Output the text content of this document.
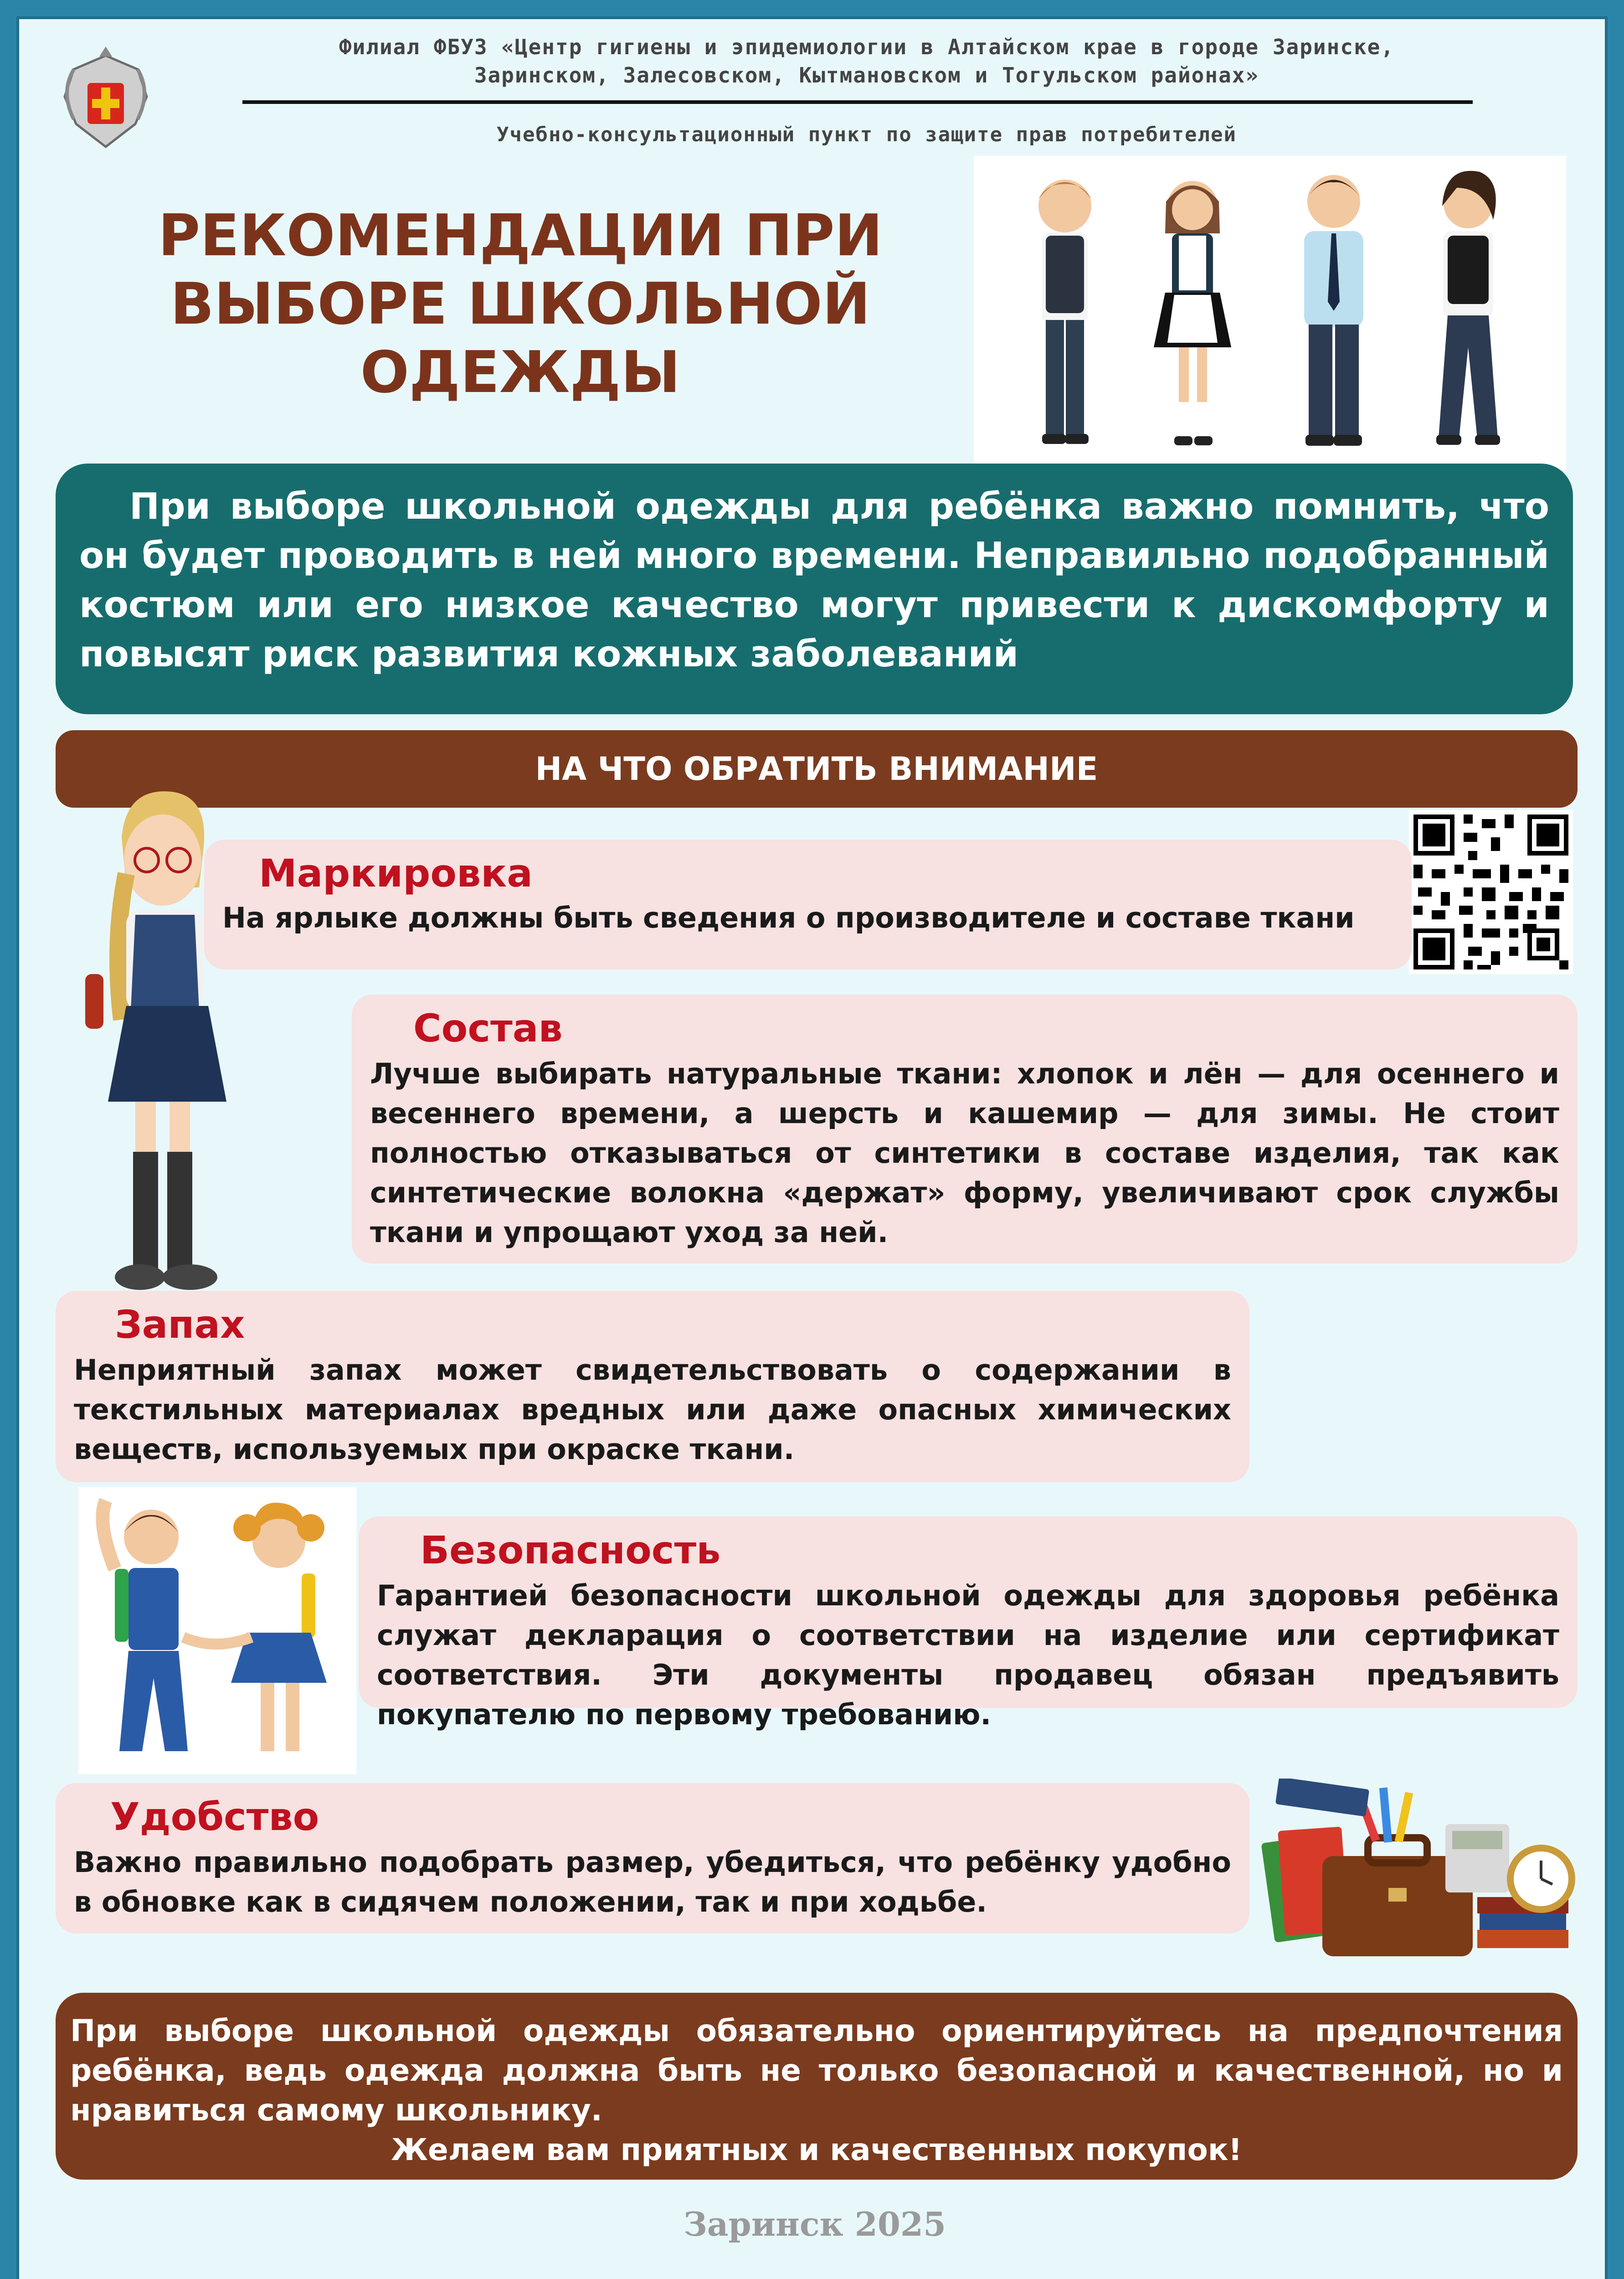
Филиал ФБУЗ «Центр гигиены и эпидемиологии в Алтайском крае в городе Заринске,
Заринском, Залесовском, Кытмановском и Тогульском районах»
Учебно-консультационный пункт по защите прав потребителей
РЕКОМЕНДАЦИИ ПРИ
ВЫБОРЕ ШКОЛЬНОЙ
ОДЕЖДЫ
При выборе школьной одежды для ребёнка важно помнить, что он будет проводить в ней много времени. Неправильно подобранный костюм или его низкое качество могут привести к дискомфорту и повысят риск развития кожных заболеваний
НА ЧТО ОБРАТИТЬ ВНИМАНИЕ
Маркировка
На ярлыке должны быть сведения о производителе и составе ткани
Состав
Лучше выбирать натуральные ткани: хлопок и лён — для осеннего и весеннего времени, а шерсть и кашемир — для зимы. Не стоит полностью отказываться от синтетики в составе изделия, так как синтетические волокна «держат» форму, увеличивают срок службы ткани и упрощают уход за ней.
Запах
Неприятный запах может свидетельствовать о содержании в текстильных материалах вредных или даже опасных химических веществ, используемых при окраске ткани.
Безопасность
Гарантией безопасности школьной одежды для здоровья ребёнка служат декларация о соответствии на изделие или сертификат соответствия. Эти документы продавец обязан предъявить покупателю по первому требованию.
Удобство
Важно правильно подобрать размер, убедиться, что ребёнку удобно в обновке как в сидячем положении, так и при ходьбе.
При выборе школьной одежды обязательно ориентируйтесь на предпочтения ребёнка, ведь одежда должна быть не только безопасной и качественной, но и нравиться самому школьнику.
Желаем вам приятных и качественных покупок!
Заринск 2025
